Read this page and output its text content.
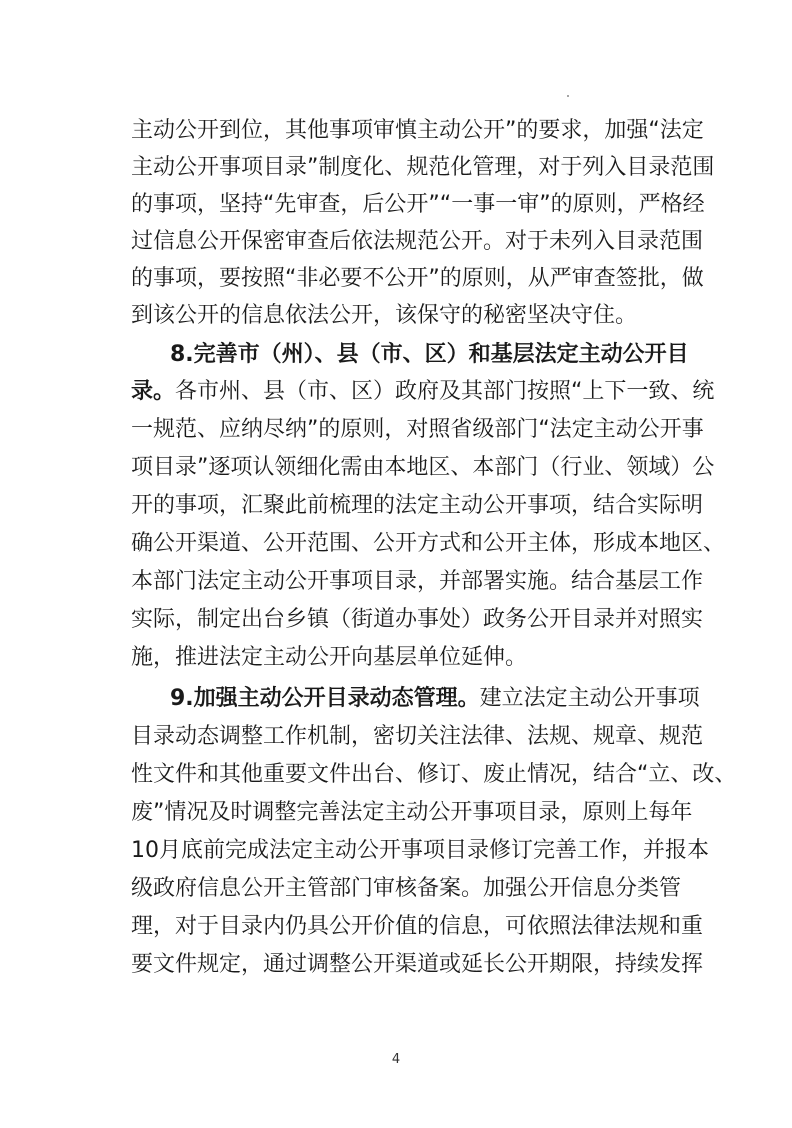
主动公开到位，其他事项审慎主动公开”的要求，加强“法定
主动公开事项目录”制度化、规范化管理，对于列入目录范围
的事项，坚持“先审查，后公开”“一事一审”的原则，严格经
过信息公开保密审查后依法规范公开。对于未列入目录范围
的事项，要按照“非必要不公开”的原则，从严审查签批，做
到该公开的信息依法公开，该保守的秘密坚决守住。
8.完善市（州）、县（市、区）和基层法定主动公开目
录。各市州、县（市、区）政府及其部门按照“上下一致、统
一规范、应纳尽纳”的原则，对照省级部门“法定主动公开事
项目录”逐项认领细化需由本地区、本部门（行业、领域）公
开的事项，汇聚此前梳理的法定主动公开事项，结合实际明
确公开渠道、公开范围、公开方式和公开主体，形成本地区、
本部门法定主动公开事项目录，并部署实施。结合基层工作
实际，制定出台乡镇（街道办事处）政务公开目录并对照实
施，推进法定主动公开向基层单位延伸。
9.加强主动公开目录动态管理。建立法定主动公开事项
目录动态调整工作机制，密切关注法律、法规、规章、规范
性文件和其他重要文件出台、修订、废止情况，结合“立、改、
废”情况及时调整完善法定主动公开事项目录，原则上每年
10月底前完成法定主动公开事项目录修订完善工作，并报本
级政府信息公开主管部门审核备案。加强公开信息分类管
理，对于目录内仍具公开价值的信息，可依照法律法规和重
要文件规定，通过调整公开渠道或延长公开期限，持续发挥
4
